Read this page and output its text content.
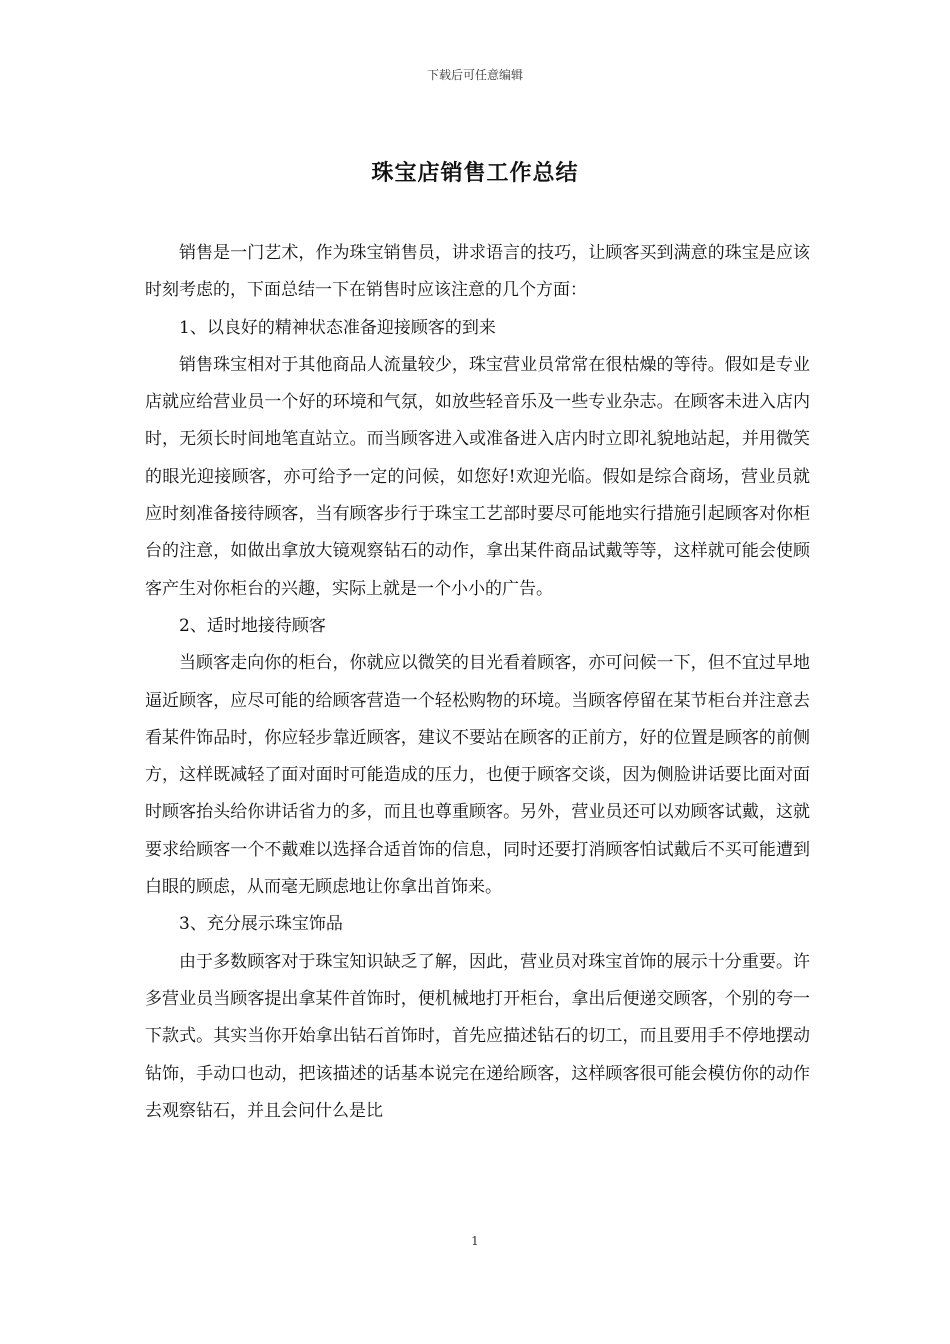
下载后可任意编辑
珠宝店销售工作总结

销售是一门艺术，作为珠宝销售员，讲求语言的技巧，让顾客买到满意的珠宝是应该时刻考虑的，下面总结一下在销售时应该注意的几个方面：

1、以良好的精神状态准备迎接顾客的到来

销售珠宝相对于其他商品人流量较少，珠宝营业员常常在很枯燥的等待。假如是专业店就应给营业员一个好的环境和气氛，如放些轻音乐及一些专业杂志。在顾客未进入店内时，无须长时间地笔直站立。而当顾客进入或准备进入店内时立即礼貌地站起，并用微笑的眼光迎接顾客，亦可给予一定的问候，如您好!欢迎光临。假如是综合商场，营业员就应时刻准备接待顾客，当有顾客步行于珠宝工艺部时要尽可能地实行措施引起顾客对你柜台的注意，如做出拿放大镜观察钻石的动作，拿出某件商品试戴等等，这样就可能会使顾客产生对你柜台的兴趣，实际上就是一个小小的广告。

2、适时地接待顾客

当顾客走向你的柜台，你就应以微笑的目光看着顾客，亦可问候一下，但不宜过早地逼近顾客，应尽可能的给顾客营造一个轻松购物的环境。当顾客停留在某节柜台并注意去看某件饰品时，你应轻步靠近顾客，建议不要站在顾客的正前方，好的位置是顾客的前侧方，这样既减轻了面对面时可能造成的压力，也便于顾客交谈，因为侧脸讲话要比面对面时顾客抬头给你讲话省力的多，而且也尊重顾客。另外，营业员还可以劝顾客试戴，这就要求给顾客一个不戴难以选择合适首饰的信息，同时还要打消顾客怕试戴后不买可能遭到白眼的顾虑，从而毫无顾虑地让你拿出首饰来。

3、充分展示珠宝饰品

由于多数顾客对于珠宝知识缺乏了解，因此，营业员对珠宝首饰的展示十分重要。许多营业员当顾客提出拿某件首饰时，便机械地打开柜台，拿出后便递交顾客，个别的夸一下款式。其实当你开始拿出钻石首饰时，首先应描述钻石的切工，而且要用手不停地摆动钻饰，手动口也动，把该描述的话基本说完在递给顾客，这样顾客很可能会模仿你的动作去观察钻石，并且会问什么是比

1
